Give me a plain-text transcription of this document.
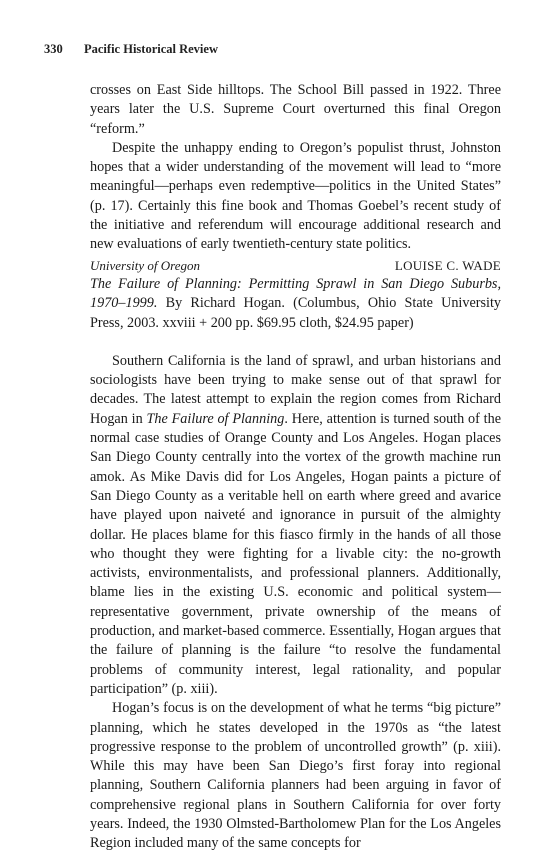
330 Pacific Historical Review

crosses on East Side hilltops. The School Bill passed in 1922. Three years later the U.S. Supreme Court overturned this final Oregon “reform.”

Despite the unhappy ending to Oregon’s populist thrust, Johnston hopes that a wider understanding of the movement will lead to “more meaningful—perhaps even redemptive—politics in the United States” (p. 17). Certainly this fine book and Thomas Goebel’s recent study of the initiative and referendum will encourage additional research and new evaluations of early twentieth-century state politics.

University of Oregon	LOUISE C. WADE

The Failure of Planning: Permitting Sprawl in San Diego Suburbs, 1970–1999. By Richard Hogan. (Columbus, Ohio State University Press, 2003. xxviii + 200 pp. $69.95 cloth, $24.95 paper)

Southern California is the land of sprawl, and urban historians and sociologists have been trying to make sense out of that sprawl for decades. The latest attempt to explain the region comes from Richard Hogan in The Failure of Planning. Here, attention is turned south of the normal case studies of Orange County and Los Angeles. Hogan places San Diego County centrally into the vortex of the growth machine run amok. As Mike Davis did for Los Angeles, Hogan paints a picture of San Diego County as a veritable hell on earth where greed and avarice have played upon naiveté and ignorance in pursuit of the almighty dollar. He places blame for this fiasco firmly in the hands of all those who thought they were fighting for a livable city: the no-growth activists, environmentalists, and professional planners. Additionally, blame lies in the existing U.S. economic and political system—representative government, private ownership of the means of production, and market-based commerce. Essentially, Hogan argues that the failure of planning is the failure “to resolve the fundamental problems of community interest, legal rationality, and popular participation” (p. xiii).

Hogan’s focus is on the development of what he terms “big picture” planning, which he states developed in the 1970s as “the latest progressive response to the problem of uncontrolled growth” (p. xiii). While this may have been San Diego’s first foray into regional planning, Southern California planners had been arguing in favor of comprehensive regional plans in Southern California for over forty years. Indeed, the 1930 Olmsted-Bartholomew Plan for the Los Angeles Region included many of the same concepts for
